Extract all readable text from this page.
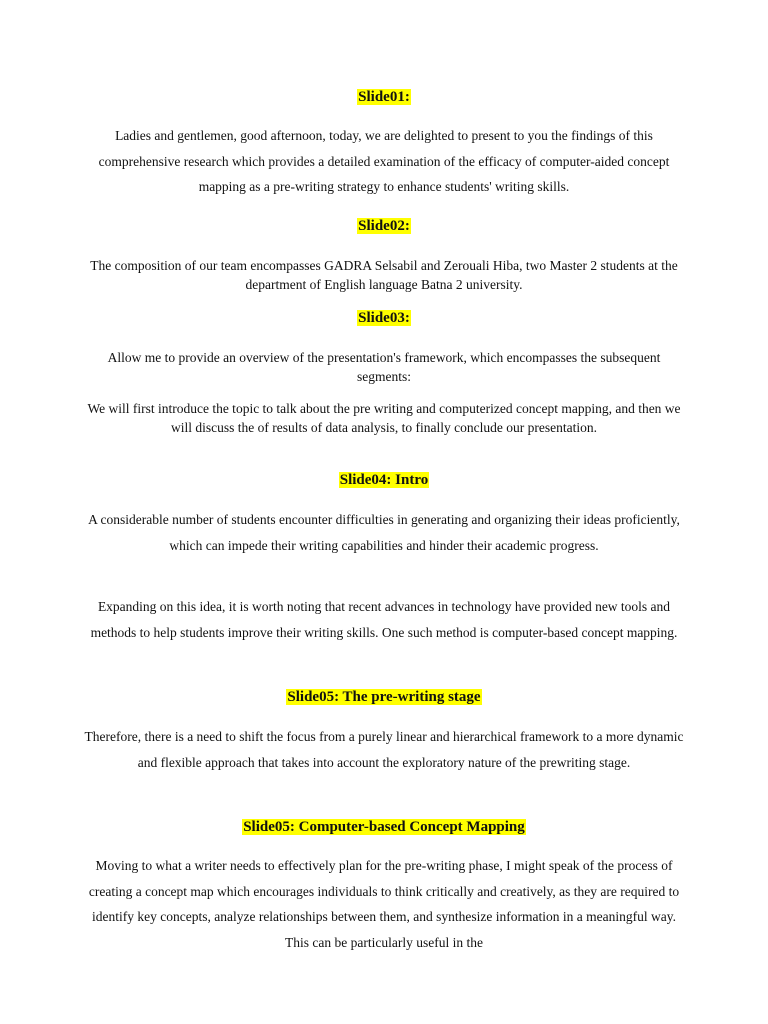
Slide01:
Ladies and gentlemen, good afternoon, today, we are delighted to present to you the findings of this comprehensive research which provides a detailed examination of the efficacy of computer-aided concept mapping as a pre-writing strategy to enhance students' writing skills.
Slide02:
The composition of our team encompasses GADRA Selsabil and Zerouali Hiba, two Master 2 students at the department of English language Batna 2 university.
Slide03:
Allow me to provide an overview of the presentation's framework, which encompasses the subsequent segments:
We will first introduce the topic to talk about the pre writing and computerized concept mapping, and then we will discuss the of results of data analysis, to finally conclude our presentation.
Slide04: Intro
A considerable number of students encounter difficulties in generating and organizing their ideas proficiently, which can impede their writing capabilities and hinder their academic progress.
Expanding on this idea, it is worth noting that recent advances in technology have provided new tools and methods to help students improve their writing skills. One such method is computer-based concept mapping.
Slide05: The pre-writing stage
Therefore, there is a need to shift the focus from a purely linear and hierarchical framework to a more dynamic and flexible approach that takes into account the exploratory nature of the prewriting stage.
Slide05: Computer-based Concept Mapping
Moving to what a writer needs to effectively plan for the pre-writing phase, I might speak of the process of creating a concept map which encourages individuals to think critically and creatively, as they are required to identify key concepts, analyze relationships between them, and synthesize information in a meaningful way. This can be particularly useful in the
